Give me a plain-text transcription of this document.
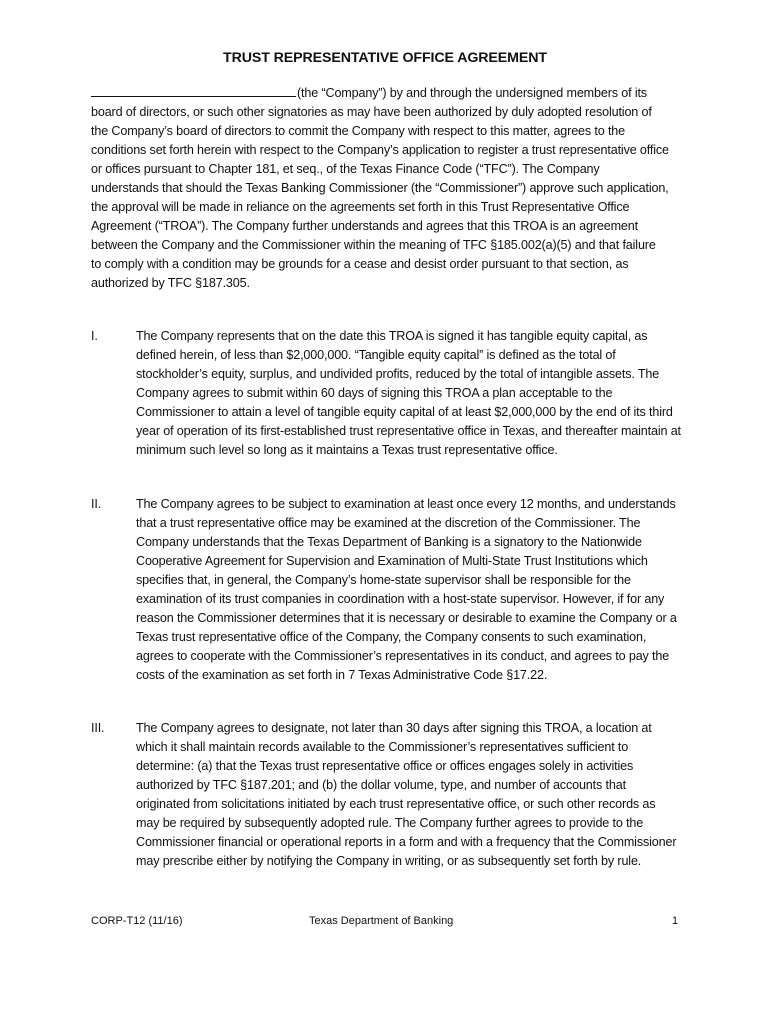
TRUST REPRESENTATIVE OFFICE AGREEMENT
(the “Company”) by and through the undersigned members of its board of directors, or such other signatories as may have been authorized by duly adopted resolution of the Company’s board of directors to commit the Company with respect to this matter, agrees to the conditions set forth herein with respect to the Company’s application to register a trust representative office or offices pursuant to Chapter 181, et seq., of the Texas Finance Code (“TFC”). The Company understands that should the Texas Banking Commissioner (the “Commissioner”) approve such application, the approval will be made in reliance on the agreements set forth in this Trust Representative Office Agreement (“TROA”). The Company further understands and agrees that this TROA is an agreement between the Company and the Commissioner within the meaning of TFC §185.002(a)(5) and that failure to comply with a condition may be grounds for a cease and desist order pursuant to that section, as authorized by TFC §187.305.
I.	The Company represents that on the date this TROA is signed it has tangible equity capital, as defined herein, of less than $2,000,000. “Tangible equity capital” is defined as the total of stockholder’s equity, surplus, and undivided profits, reduced by the total of intangible assets. The Company agrees to submit within 60 days of signing this TROA a plan acceptable to the Commissioner to attain a level of tangible equity capital of at least $2,000,000 by the end of its third year of operation of its first-established trust representative office in Texas, and thereafter maintain at minimum such level so long as it maintains a Texas trust representative office.
II.	The Company agrees to be subject to examination at least once every 12 months, and understands that a trust representative office may be examined at the discretion of the Commissioner. The Company understands that the Texas Department of Banking is a signatory to the Nationwide Cooperative Agreement for Supervision and Examination of Multi-State Trust Institutions which specifies that, in general, the Company’s home-state supervisor shall be responsible for the examination of its trust companies in coordination with a host-state supervisor. However, if for any reason the Commissioner determines that it is necessary or desirable to examine the Company or a Texas trust representative office of the Company, the Company consents to such examination, agrees to cooperate with the Commissioner’s representatives in its conduct, and agrees to pay the costs of the examination as set forth in 7 Texas Administrative Code §17.22.
III.	The Company agrees to designate, not later than 30 days after signing this TROA, a location at which it shall maintain records available to the Commissioner’s representatives sufficient to determine: (a) that the Texas trust representative office or offices engages solely in activities authorized by TFC §187.201; and (b) the dollar volume, type, and number of accounts that originated from solicitations initiated by each trust representative office, or such other records as may be required by subsequently adopted rule. The Company further agrees to provide to the Commissioner financial or operational reports in a form and with a frequency that the Commissioner may prescribe either by notifying the Company in writing, or as subsequently set forth by rule.
CORP-T12 (11/16)	Texas Department of Banking	1
